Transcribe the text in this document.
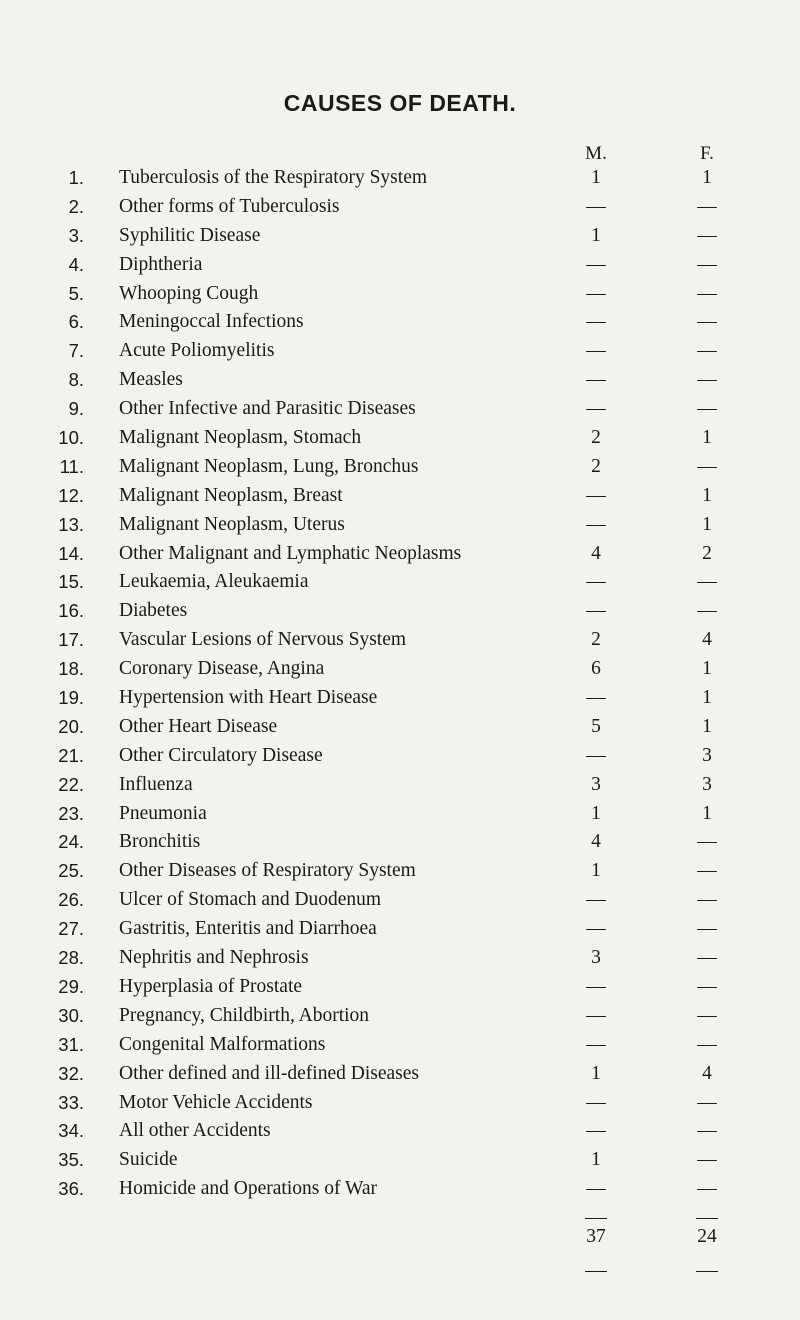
CAUSES OF DEATH.
M.	F.
1. Tuberculosis of the Respiratory System	1	1
2. Other forms of Tuberculosis	—	—
3. Syphilitic Disease	1	—
4. Diphtheria	—	—
5. Whooping Cough	—	—
6. Meningoccal Infections	—	—
7. Acute Poliomyelitis	—	—
8. Measles	—	—
9. Other Infective and Parasitic Diseases	—	—
10. Malignant Neoplasm, Stomach	2	1
11. Malignant Neoplasm, Lung, Bronchus	2	—
12. Malignant Neoplasm, Breast	—	1
13. Malignant Neoplasm, Uterus	—	1
14. Other Malignant and Lymphatic Neoplasms	4	2
15. Leukaemia, Aleukaemia	—	—
16. Diabetes	—	—
17. Vascular Lesions of Nervous System	2	4
18. Coronary Disease, Angina	6	1
19. Hypertension with Heart Disease	—	1
20. Other Heart Disease	5	1
21. Other Circulatory Disease	—	3
22. Influenza	3	3
23. Pneumonia	1	1
24. Bronchitis	4	—
25. Other Diseases of Respiratory System	1	—
26. Ulcer of Stomach and Duodenum	—	—
27. Gastritis, Enteritis and Diarrhoea	—	—
28. Nephritis and Nephrosis	3	—
29. Hyperplasia of Prostate	—	—
30. Pregnancy, Childbirth, Abortion	—	—
31. Congenital Malformations	—	—
32. Other defined and ill-defined Diseases	1	4
33. Motor Vehicle Accidents	—	—
34. All other Accidents	—	—
35. Suicide	1	—
36. Homicide and Operations of War	—	—
37	24
